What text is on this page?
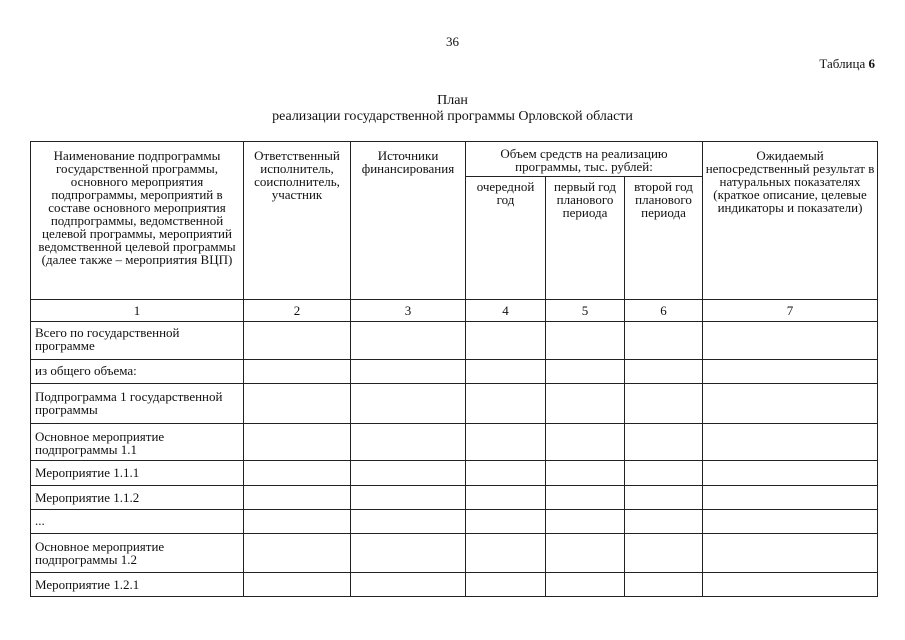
36
Таблица 6
План
реализации государственной программы Орловской области
Наименование подпрограммы государственной программы, основного мероприятия подпрограммы, мероприятий в составе основного мероприятия подпрограммы, ведомственной целевой программы, мероприятий ведомственной целевой программы (далее также – мероприятия ВЦП)	Ответственный исполнитель, соисполнитель, участник	Источники финансирования	Объем средств на реализацию программы, тыс. рублей:			Ожидаемый непосредственный результат в натуральных показателях (краткое описание, целевые индикаторы и показатели)
			очередной год	первый год планового периода	второй год планового периода	
1	2	3	4	5	6	7
Всего по государственной программе						
из общего объема:						
Подпрограмма 1 государственной программы						
Основное мероприятие подпрограммы 1.1						
Мероприятие 1.1.1						
Мероприятие 1.1.2						
...						
Основное мероприятие подпрограммы 1.2						
Мероприятие 1.2.1						
